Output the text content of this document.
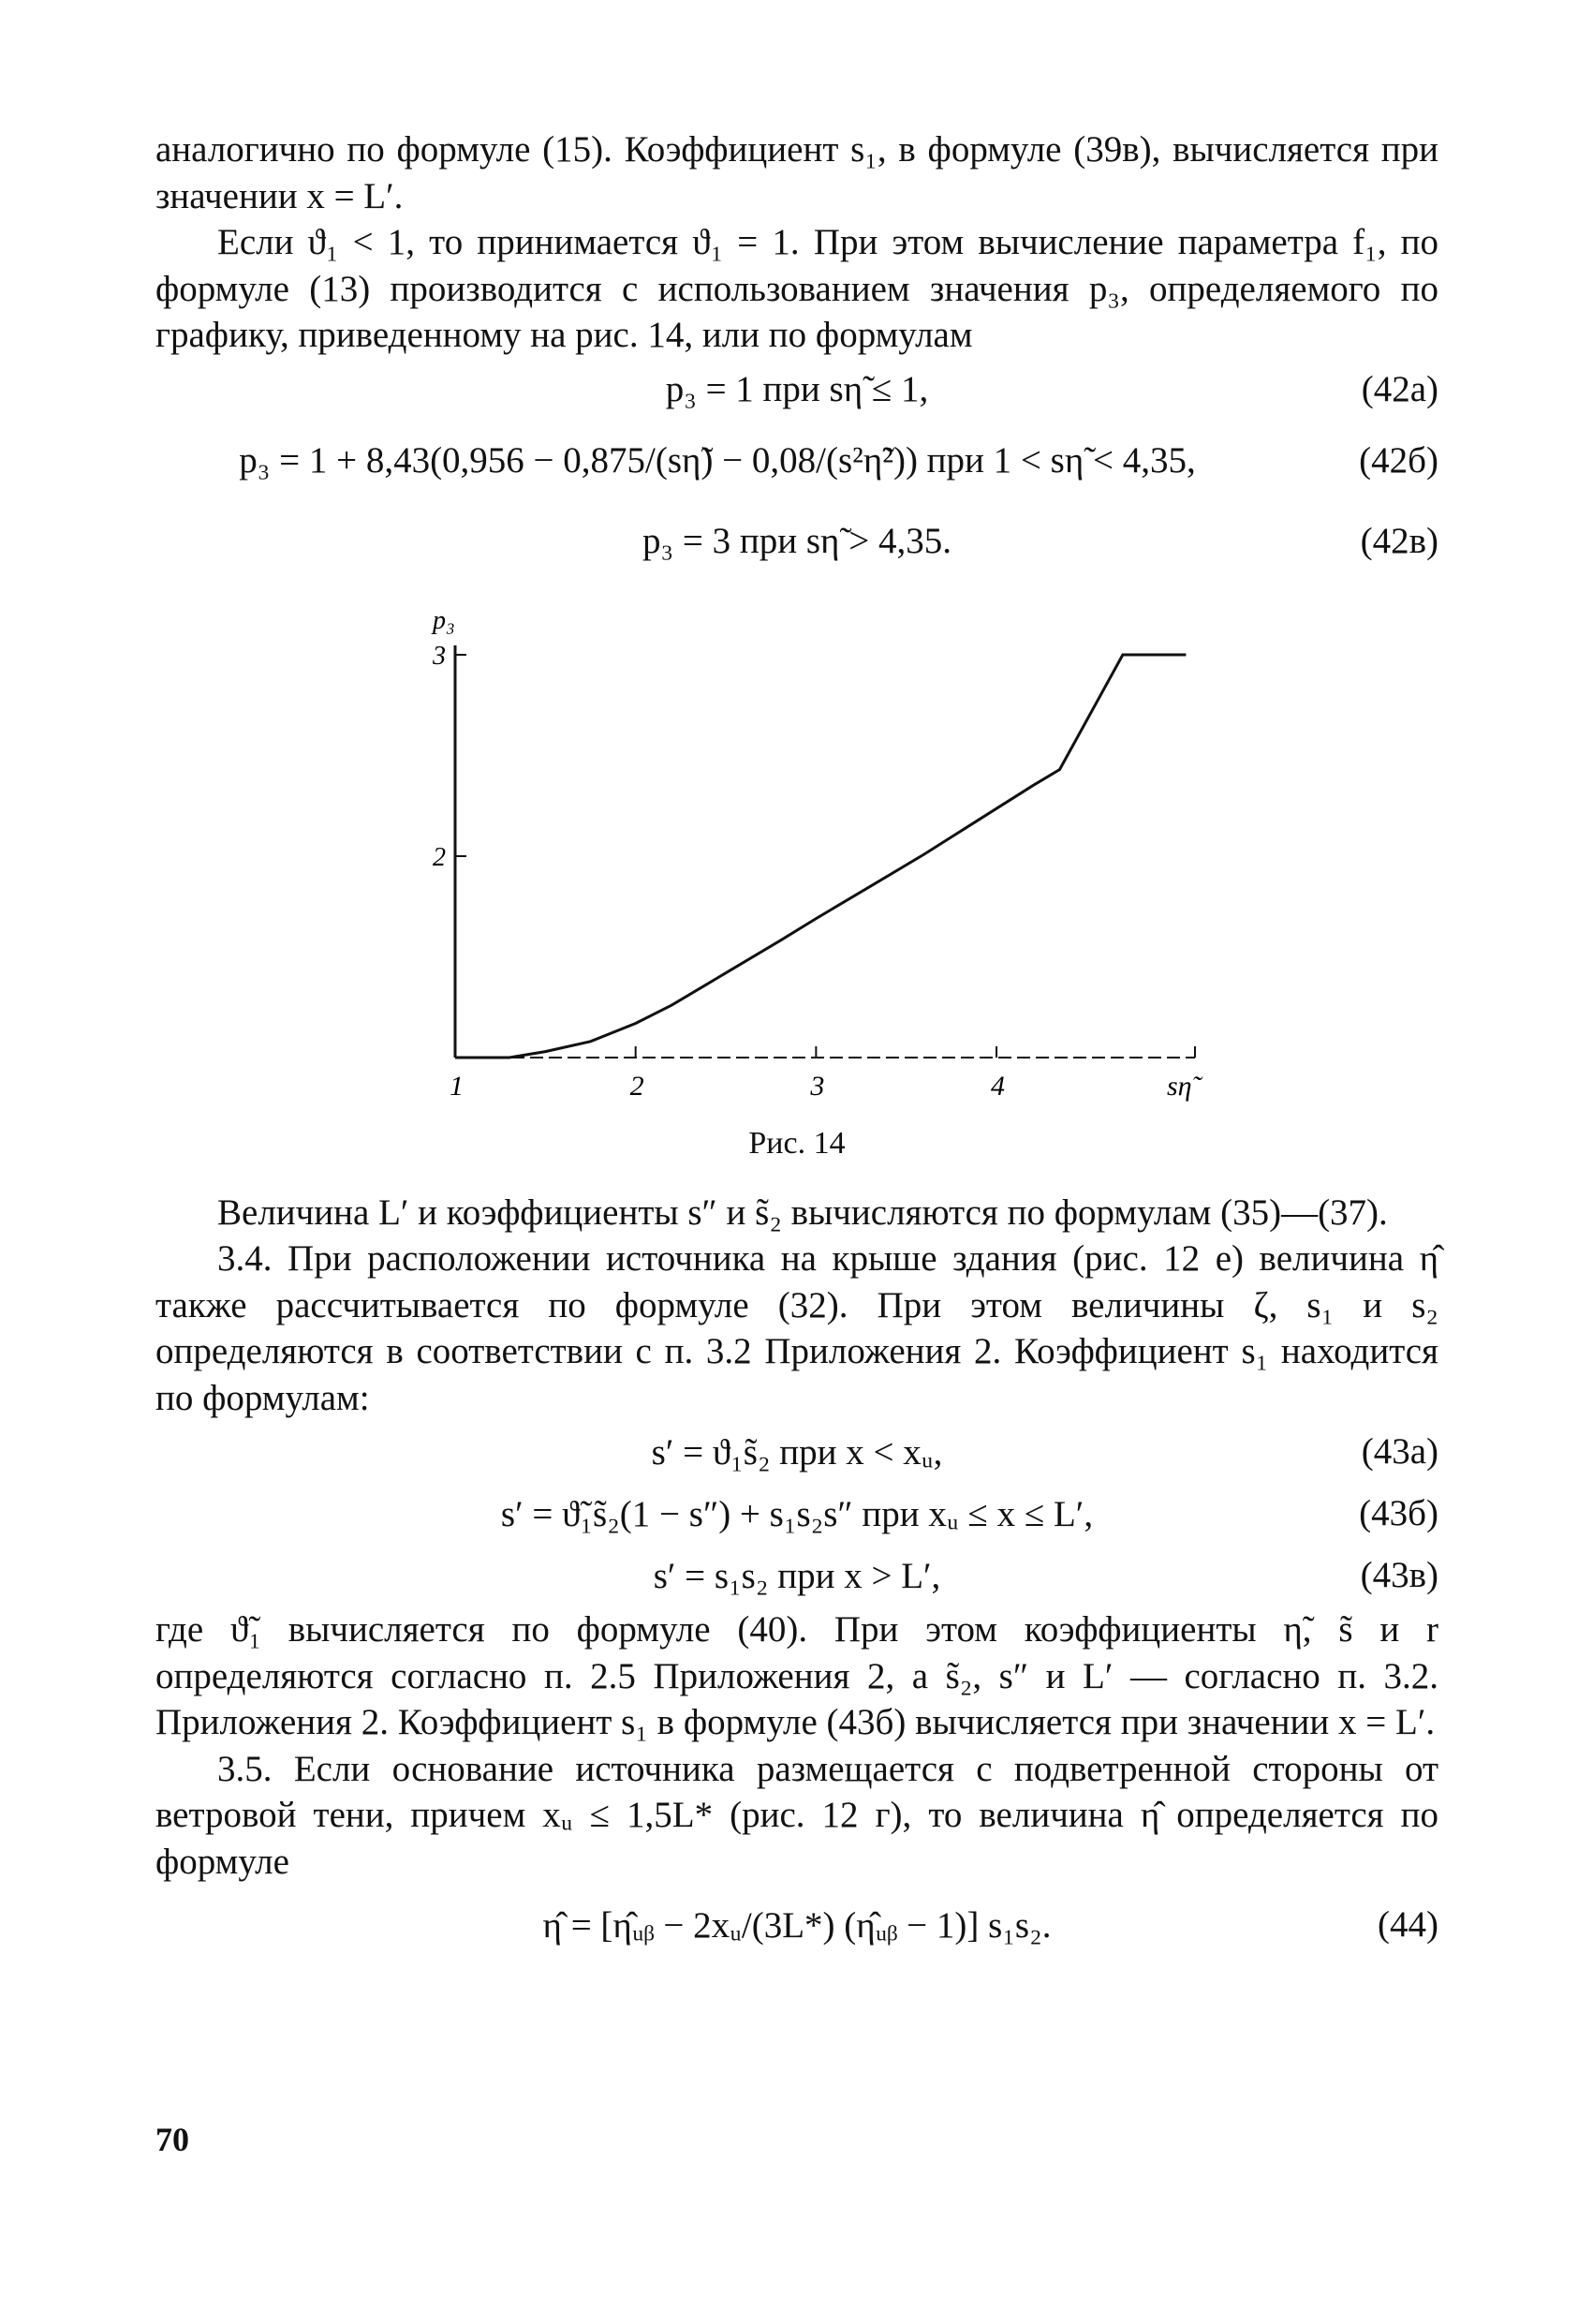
аналогично по формуле (15). Коэффициент s₁, в формуле (39в), вычисляется при значении x = L′.

Если ϑ₁ < 1, то принимается ϑ₁ = 1. При этом вычисление параметра f₁, по формуле (13) производится с использованием значения p₃, определяемого по графику, приведенному на рис. 14, или по формулам

p₃ = 1 при sη̃ ≤ 1,	(42а)
p₃ = 1 + 8,43(0,956 − 0,875/(sη̃) − 0,08/(s²η̃²)) при 1 < sη̃ < 4,35,	(42б)
p₃ = 3 при sη̃ > 4,35.	(42в)
1	2	3	4	sη̃
2
3
p₃
Рис. 14

Величина L′ и коэффициенты s″ и s̃₂ вычисляются по формулам (35)—(37).

3.4. При расположении источника на крыше здания (рис. 12 e) величина η̂ также рассчитывается по формуле (32). При этом величины ζ, s₁ и s₂ определяются в соответствии с п. 3.2 Приложения 2. Коэффициент s₁ находится по формулам:

s′ = ϑ₁s̃₂ при x < xᵤ,	(43а)
s′ = ϑ̃₁s̃₂(1 − s″) + s₁s₂s″ при xᵤ ≤ x ≤ L′,	(43б)
s′ = s₁s₂ при x > L′,	(43в)

где ϑ̃₁ вычисляется по формуле (40). При этом коэффициенты η̃, s̃ и r определяются согласно п. 2.5 Приложения 2, а s̃₂, s″ и L′ — согласно п. 3.2. Приложения 2. Коэффициент s₁ в формуле (43б) вычисляется при значении x = L′.

3.5. Если основание источника размещается с подветренной стороны от ветровой тени, причем xᵤ ≤ 1,5L* (рис. 12 г), то величина η̂ определяется по формуле

η̂ = [η̂ᵤᵦ − 2xᵤ/(3L*) (η̂ᵤᵦ − 1)] s₁s₂.	(44)
70
